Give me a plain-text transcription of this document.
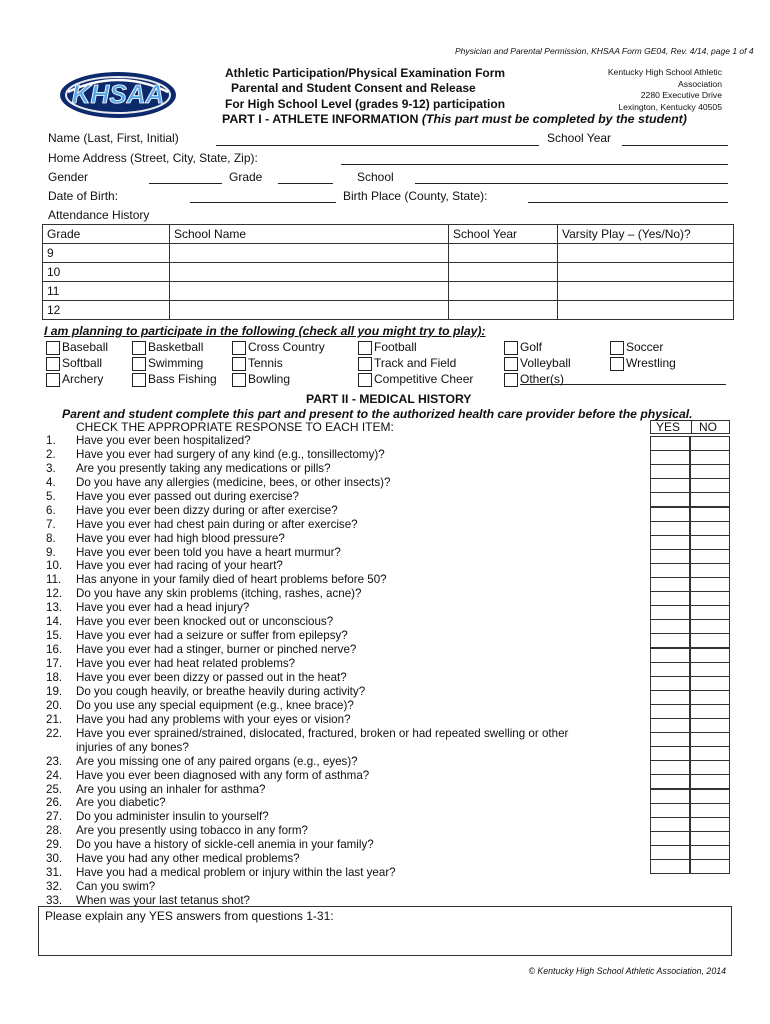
Physician and Parental Permission, KHSAA Form GE04, Rev. 4/14, page 1 of 4
KHSAA
Athletic Participation/Physical Examination Form
Parental and Student Consent and Release
For High School Level (grades 9-12) participation
Kentucky High School Athletic
Association
2280 Executive Drive
Lexington, Kentucky 40505
PART I - ATHLETE INFORMATION (This part must be completed by the student)
Name (Last, First, Initial)	School Year
Home Address (Street, City, State, Zip):
Gender	Grade	School
Date of Birth:	Birth Place (County, State):
Attendance History
Grade	School Name	School Year	Varsity Play – (Yes/No)?
9			
10			
11			
12			
I am planning to participate in the following (check all you might try to play):
Baseball
Softball
Archery
Basketball
Swimming
Bass Fishing
Cross Country
Tennis
Bowling
Football
Track and Field
Competitive Cheer
Golf
Volleyball
Other(s)
Soccer
Wrestling
PART II - MEDICAL HISTORY
Parent and student complete this part and present to the authorized health care provider before the physical.
CHECK THE APPROPRIATE RESPONSE TO EACH ITEM:
1. Have you ever been hospitalized?
2. Have you ever had surgery of any kind (e.g., tonsillectomy)?
3. Are you presently taking any medications or pills?
4. Do you have any allergies (medicine, bees, or other insects)?
5. Have you ever passed out during exercise?
6. Have you ever been dizzy during or after exercise?
7. Have you ever had chest pain during or after exercise?
8. Have you ever had high blood pressure?
9. Have you ever been told you have a heart murmur?
10. Have you ever had racing of your heart?
11. Has anyone in your family died of heart problems before 50?
12. Do you have any skin problems (itching, rashes, acne)?
13. Have you ever had a head injury?
14. Have you ever been knocked out or unconscious?
15. Have you ever had a seizure or suffer from epilepsy?
16. Have you ever had a stinger, burner or pinched nerve?
17. Have you ever had heat related problems?
18. Have you ever been dizzy or passed out in the heat?
19. Do you cough heavily, or breathe heavily during activity?
20. Do you use any special equipment (e.g., knee brace)?
21. Have you had any problems with your eyes or vision?
22. Have you ever sprained/strained, dislocated, fractured, broken or had repeated swelling or other
injuries of any bones?
23. Are you missing one of any paired organs (e.g., eyes)?
24. Have you ever been diagnosed with any form of asthma?
25. Are you using an inhaler for asthma?
26. Are you diabetic?
27. Do you administer insulin to yourself?
28. Are you presently using tobacco in any form?
29. Do you have a history of sickle-cell anemia in your family?
30. Have you had any other medical problems?
31. Have you had a medical problem or injury within the last year?
32. Can you swim?
33. When was your last tetanus shot?
YES NO
Please explain any YES answers from questions 1-31:
© Kentucky High School Athletic Association, 2014
